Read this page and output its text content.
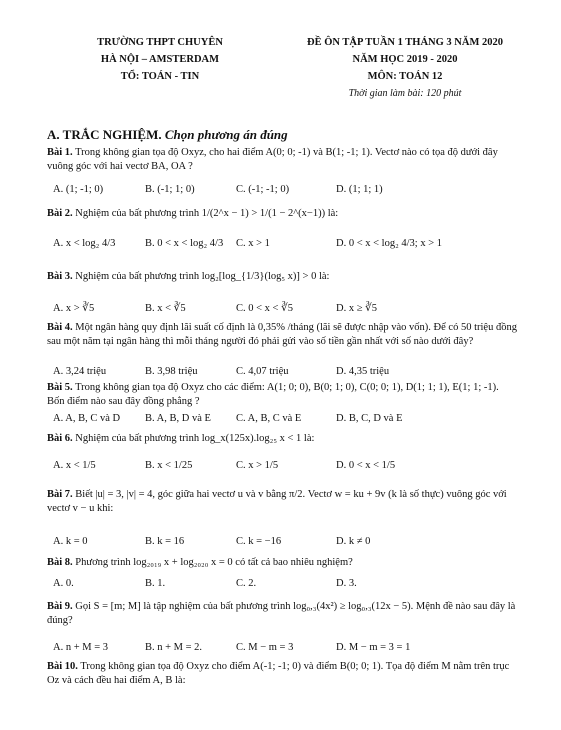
TRƯỜNG THPT CHUYÊN
HÀ NỘI – AMSTERDAM
TỔ: TOÁN - TIN
ĐỀ ÔN TẬP TUẦN 1 THÁNG 3 NĂM 2020
NĂM HỌC 2019 - 2020
MÔN: TOÁN 12
Thời gian làm bài: 120 phút
A. TRẮC NGHIỆM. Chọn phương án đúng
Bài 1. Trong không gian tọa độ Oxyz, cho hai điểm A(0; 0; -1) và B(1; -1; 1). Vectơ nào có tọa độ dưới đây vuông góc với hai vectơ BA, OA ?
A. (1; -1; 0)	B. (-1; 1; 0)	C. (-1; -1; 0)	D. (1; 1; 1)
Bài 2. Nghiệm của bất phương trình 1/(2^x − 1) > 1/(1 − 2^(x−1)) là:
A. x < log₂ 4/3	B. 0 < x < log₂ 4/3 C. x > 1	D. 0 < x < log₂ 4/3; x > 1
Bài 3. Nghiệm của bất phương trình log₂[log_{1/3}(log₅ x)] > 0 là:
A. x > ∛5	B. x < ∛5	C. 0 < x < ∛5	D. x ≥ ∛5
Bài 4. Một ngân hàng quy định lãi suất cố định là 0,35% /tháng (lãi sẽ được nhập vào vốn). Để có 50 triệu đồng sau một năm tại ngân hàng thì mỗi tháng người đó phải gửi vào số tiền gần nhất với số nào dưới đây?
A. 3,24 triệu	B. 3,98 triệu	C. 4,07 triệu	D. 4,35 triệu
Bài 5. Trong không gian tọa độ Oxyz cho các điểm: A(1; 0; 0), B(0; 1; 0), C(0; 0; 1), D(1; 1; 1), E(1; 1; -1). Bốn điểm nào sau đây đồng phẳng ?
A. A, B, C và D B. A, B, D và E C. A, B, C và E	D. B, C, D và E
Bài 6. Nghiệm của bất phương trình log_x(125x).log₂₅ x < 1 là:
A. x < 1/5	B. x < 1/25	C. x > 1/5	D. 0 < x < 1/5
Bài 7. Biết |u| = 3, |v| = 4, góc giữa hai vectơ u và v bằng π/2. Vectơ w = ku + 9v (k là số thực) vuông góc với vectơ v − u khi:
A. k = 0	B. k = 16	C. k = −16	D. k ≠ 0
Bài 8. Phương trình log₂₀₁₉ x + log₂₀₂₀ x = 0 có tất cả bao nhiêu nghiệm?
A. 0.	B. 1.	C. 2.	D. 3.
Bài 9. Gọi S = [m; M] là tập nghiệm của bất phương trình log₀,₃(4x²) ≥ log₀,₃(12x − 5). Mệnh đề nào sau đây là đúng?
A. n + M = 3	B. n + M = 2.	C. M − m = 3	D. M − m = 3 = 1
Bài 10. Trong không gian tọa độ Oxyz cho điểm A(-1; -1; 0) và điểm B(0; 0; 1). Tọa độ điểm M nằm trên trục Oz và cách đều hai điểm A, B là:
